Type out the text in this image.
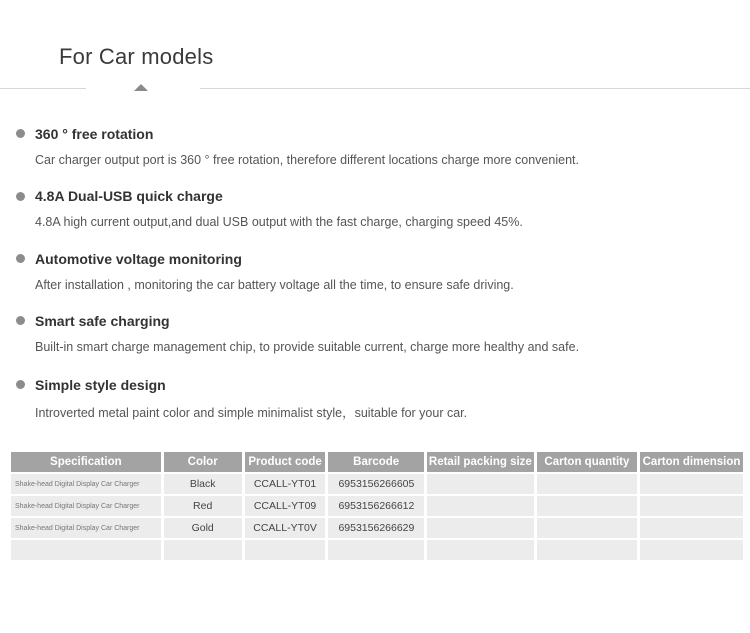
For Car models
360 ° free rotation
Car charger output port is 360 ° free rotation, therefore different locations charge more convenient.
4.8A Dual-USB quick charge
4.8A high current output,and dual USB output with the fast charge, charging speed 45%.
Automotive voltage monitoring
After installation , monitoring the car battery voltage all the time, to ensure safe driving.
Smart safe charging
Built-in smart charge management chip, to provide suitable current, charge more healthy and safe.
Simple style design
Introverted metal paint color and simple minimalist style，suitable for your car.
Specification	Color	Product code	Barcode	Retail packing size	Carton quantity	Carton dimension
Shake-head Digital Display Car Charger	Black	CCALL-YT01	6953156266605			
Shake-head Digital Display Car Charger	Red	CCALL-YT09	6953156266612			
Shake-head Digital Display Car Charger	Gold	CCALL-YT0V	6953156266629			
